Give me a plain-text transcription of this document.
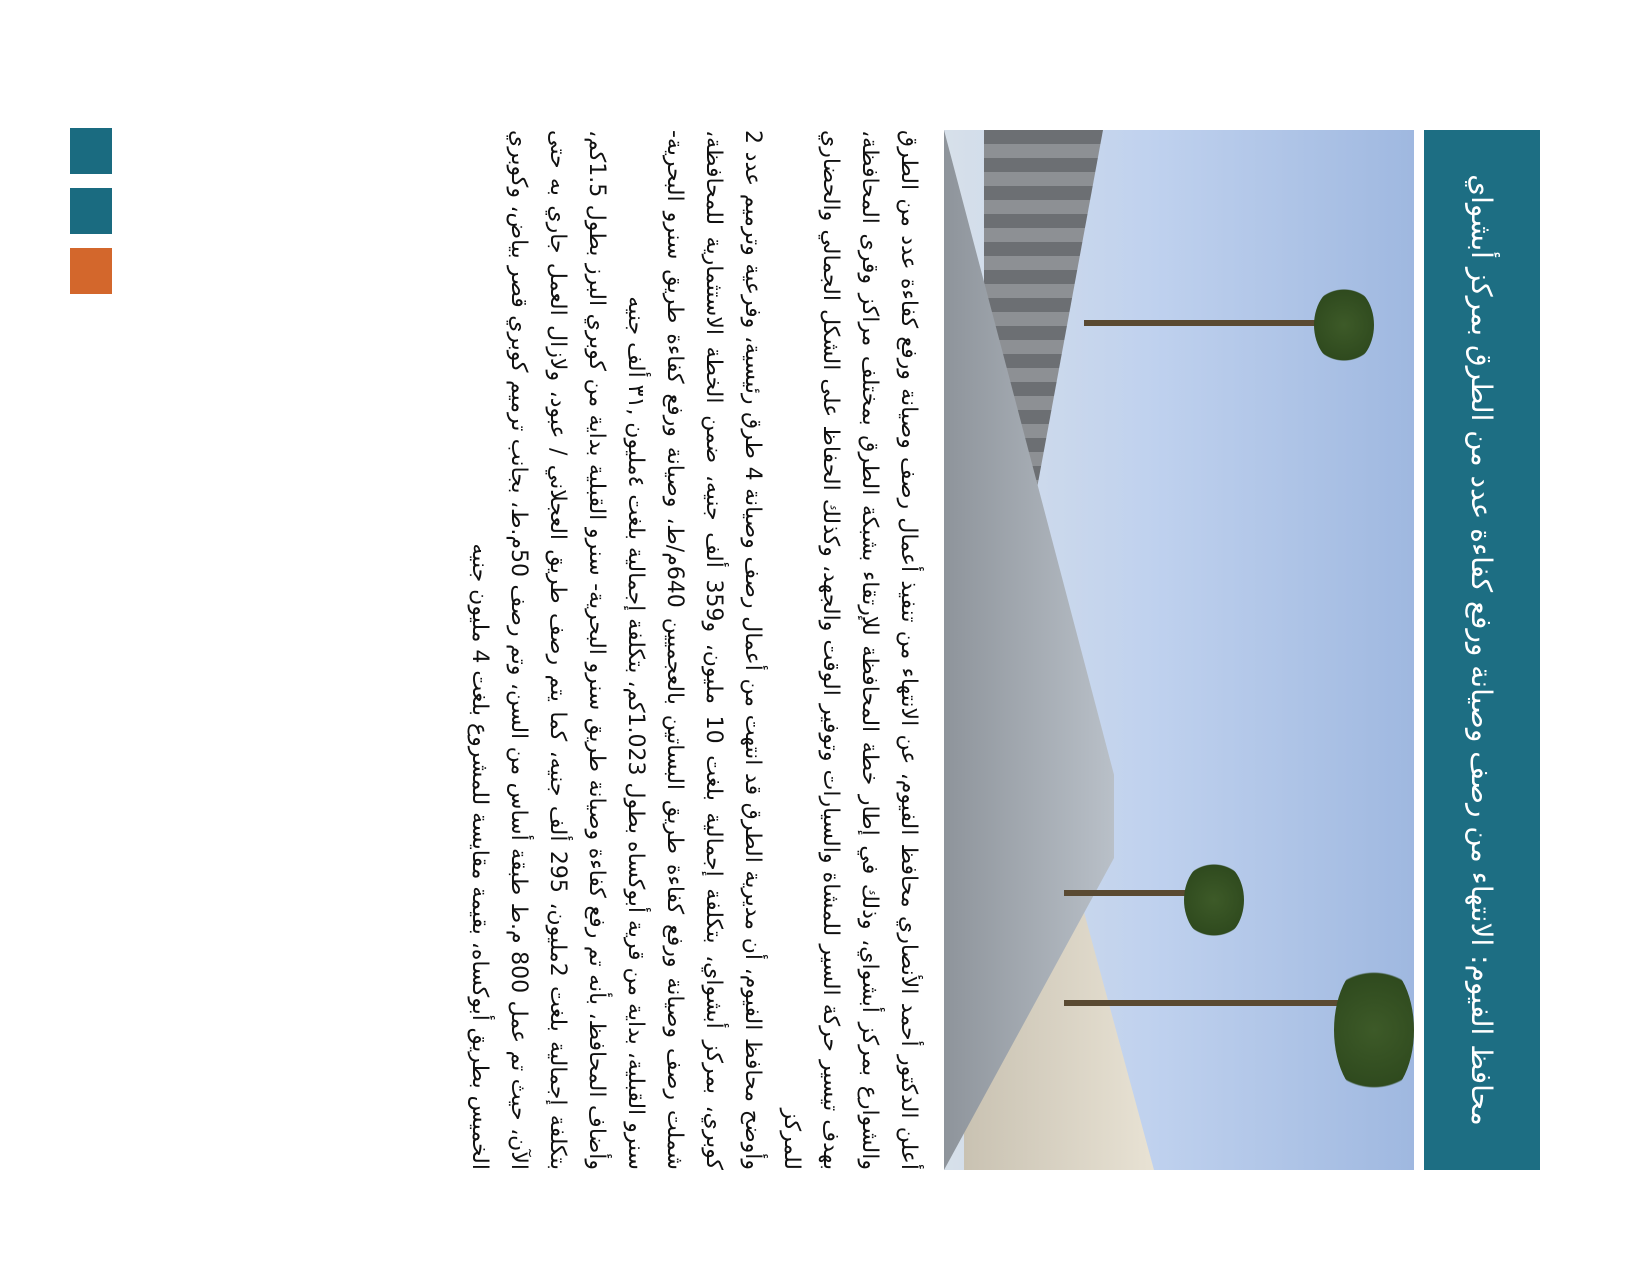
محافظ الفيوم: الانتهاء من رصف وصيانة ورفع كفاءة عدد من الطرق بمركز أبشواي

أعلن الدكتور أحمد الأنصاري محافظ الفيوم، عن الانتهاء من تنفيذ أعمال رصف وصيانة ورفع كفاءة عدد من الطرق والشوارع بمركز أبشواي، وذلك في إطار خطة المحافظة للإرتقاء بشبكة الطرق بمختلف مراكز وقرى المحافظة، بهدف تيسير حركة السير للمشاة والسيارات وتوفير الوقت والجهد، وكذلك الحفاظ على الشكل الجمالي والحضاري للمركز

وأوضح محافظ الفيوم، أن مديرية الطرق قد انتهت من أعمال رصف وصيانة 4 طرق رئيسية، وفرعية وترميم عدد 2 كوبري، بمركز أبشواي، بتكلفة إجمالية بلغت 10 مليون، و359 ألف جنيه، ضمن الخطة الاستثمارية للمحافظة، شملت رصف وصيانة ورفع كفاءة طريق البساتين بالعجميين 640م/ط، وصيانة ورفع كفاءة طريق سنرو البحرية- سنرو القبلية، بداية من قرية أبوكساه بطول 1.023كم، بتكلفة إجمالية بلغت ٤مليون ,٣١ ألف جنيه

وأضاف المحافظ، بأنه تم رفع كفاءة وصيانة طريق سنرو البحرية- سنرو القبلية بداية من كوبري البرز بطول 1.5كم، بتكلفة إجمالية بلغت 2مليون، 295 ألف جنيه، كما يتم رصف طريق العجلاني / عبود، ولازال العمل جاري به حتى الآن، حيث تم عمل 800 م.ط طبقة أساس من السن، وتم رصف 50م.ط، بجانب ترميم كوبري قصر بياض، وكوبري الخميس بطريق أبوكساه، بقيمة مقايسة للمشروع بلغت 4 مليون جنيه
